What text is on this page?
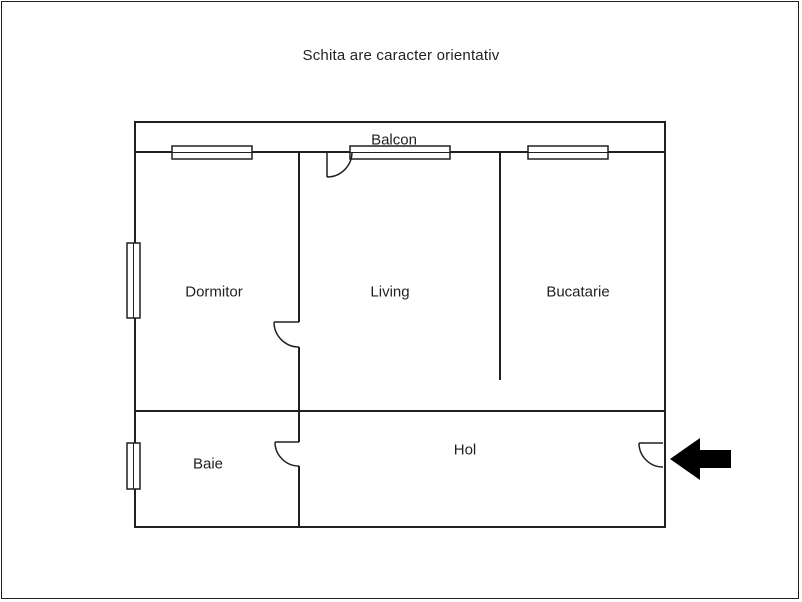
Schita are caracter orientativ
Dormitor	Living	Bucatarie
Balcon
Baie
Hol
